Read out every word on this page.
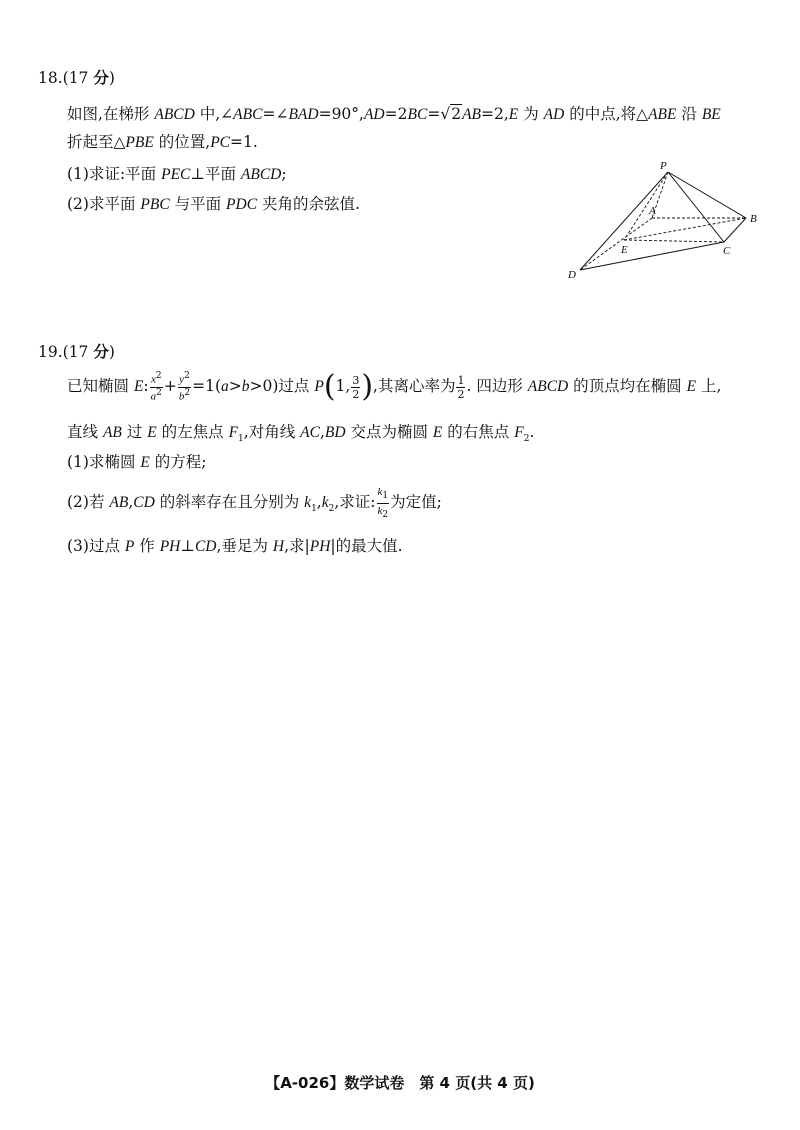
18.(17 分)
如图,在梯形 ABCD 中,∠ABC=∠BAD=90°,AD=2BC=√2AB=2,E 为 AD 的中点,将△ABE 沿 BE
折起至△PBE 的位置,PC=1.
(1)求证:平面 PEC⊥平面 ABCD;
(2)求平面 PBC 与平面 PDC 夹角的余弦值.
P
A
B
E	C
D
19.(17 分)
已知椭圆 E: $\frac{x^2}{a^2} + \frac{y^2}{b^2} =1(a>b>0)$过点 P(1, $\frac{3}{2}$ ),其离心率为 $\frac{1}{2}$ . 四边形 ABCD 的顶点均在椭圆 E 上,
直线 AB 过 E 的左焦点 $F_1$,对角线 AC,BD 交点为椭圆 E 的右焦点 $F_2$.
(1)求椭圆 E 的方程;
(2)若 AB,CD 的斜率存在且分别为 $k_1,k_2$,求证: $\frac{k_1}{k_2}$ 为定值;
(3)过点 P 作 PH⊥CD,垂足为 H,求|PH|的最大值.
【A-026】数学试卷　第 4 页(共 4 页)
